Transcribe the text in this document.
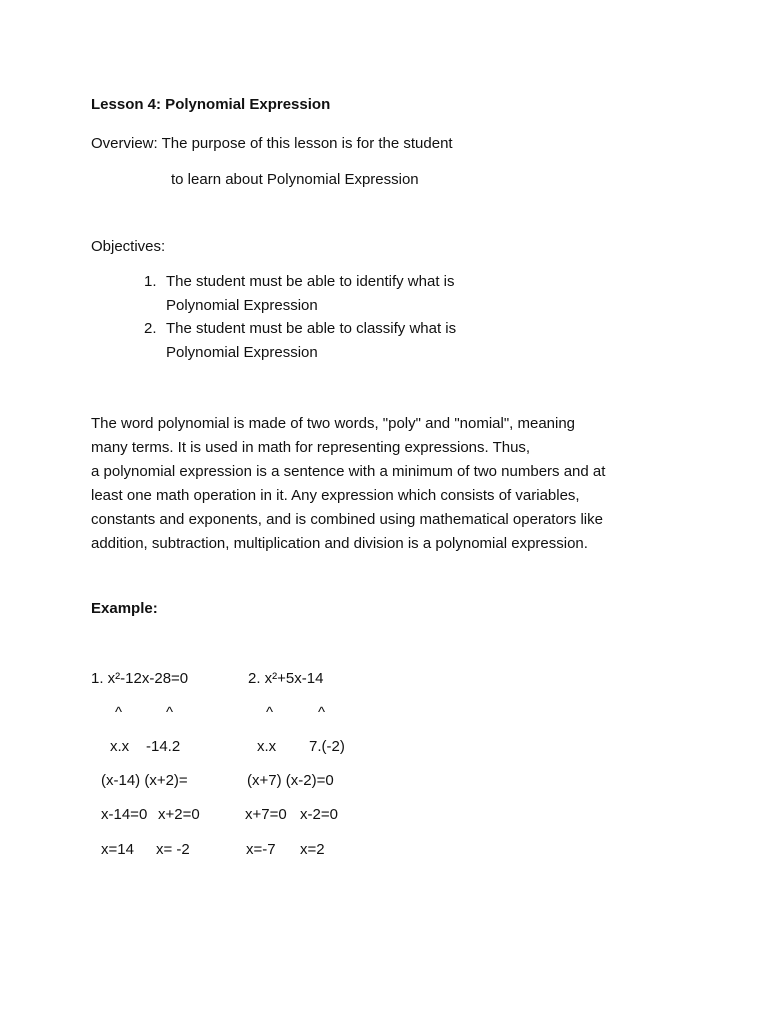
Lesson 4: Polynomial Expression
Overview: The purpose of this lesson is for the student
to learn about Polynomial Expression
Objectives:
1. The student must be able to identify what is
Polynomial Expression
2. The student must be able to classify what is
Polynomial Expression
The word polynomial is made of two words, "poly" and "nomial", meaning
many terms. It is used in math for representing expressions. Thus,
a polynomial expression is a sentence with a minimum of two numbers and at
least one math operation in it. Any expression which consists of variables,
constants and exponents, and is combined using mathematical operators like
addition, subtraction, multiplication and division is a polynomial expression.
Example:
1. x²-12x-28=0
^	^
x.x -14.2
(x-14) (x+2)=
x-14=0 x+2=0
x=14 x= -2
2. x²+5x-14
^	^
x.x 7.(-2)
(x+7) (x-2)=0
x+7=0 x-2=0
x=-7 x=2
